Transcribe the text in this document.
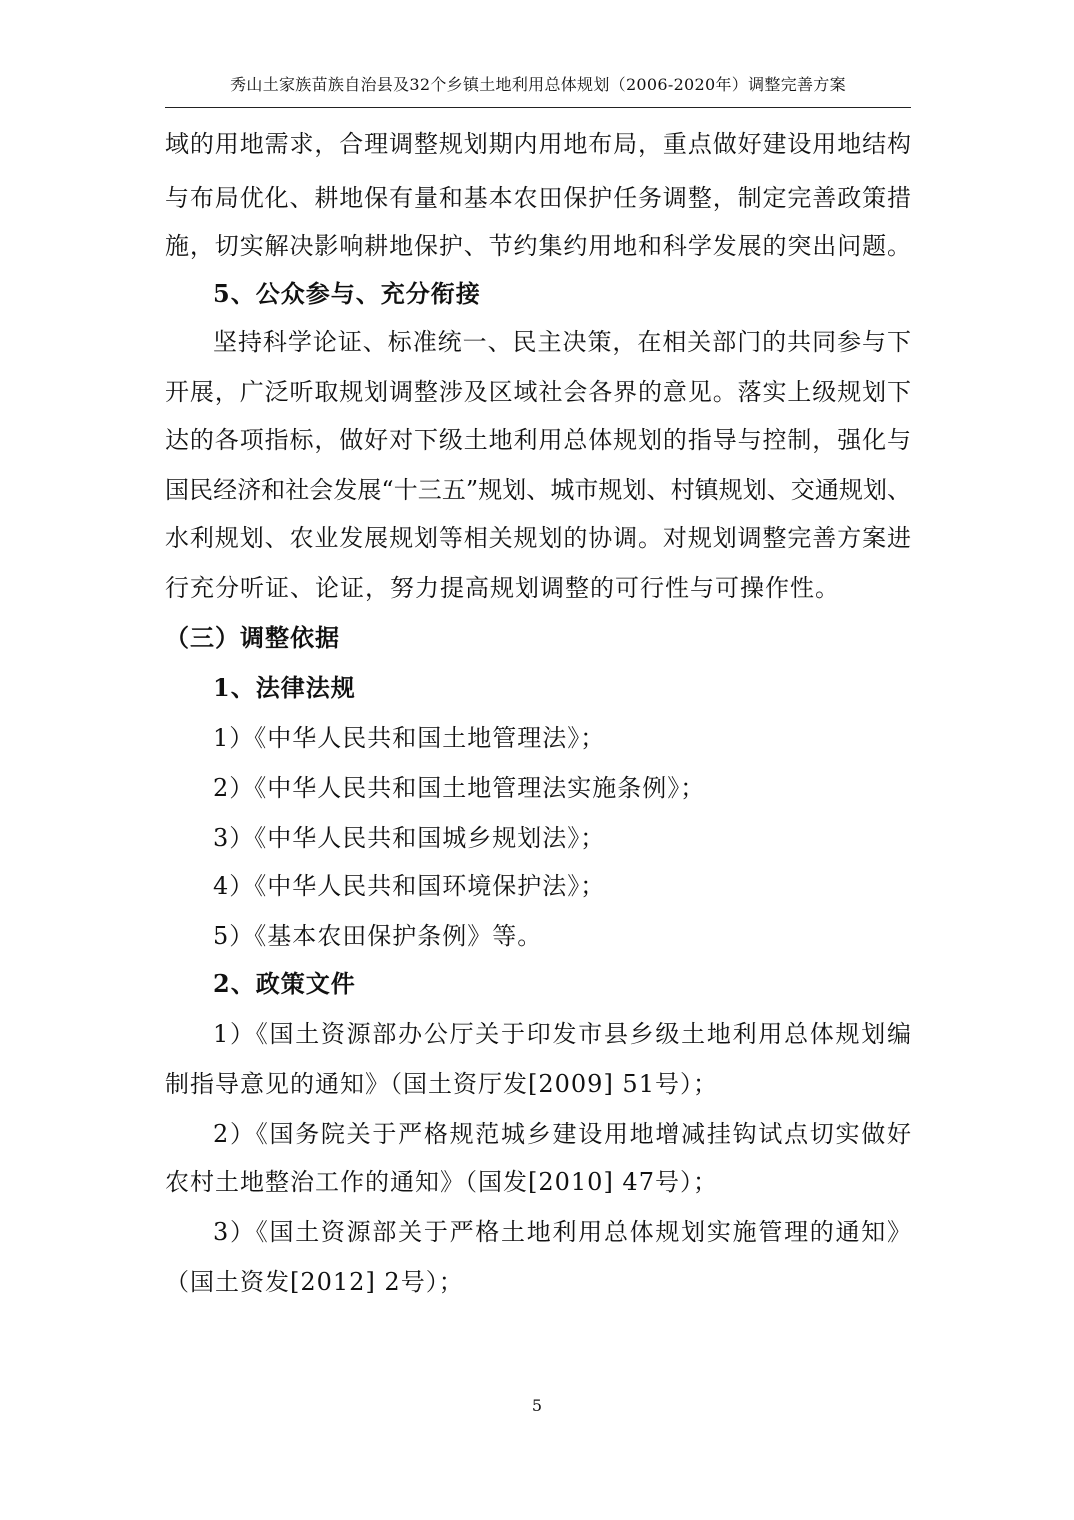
秀山土家族苗族自治县及32个乡镇土地利用总体规划（2006-2020年）调整完善方案
域的用地需求，合理调整规划期内用地布局，重点做好建设用地结构
与布局优化、耕地保有量和基本农田保护任务调整，制定完善政策措
施，切实解决影响耕地保护、节约集约用地和科学发展的突出问题。
5、公众参与、充分衔接
坚持科学论证、标准统一、民主决策，在相关部门的共同参与下
开展，广泛听取规划调整涉及区域社会各界的意见。落实上级规划下
达的各项指标，做好对下级土地利用总体规划的指导与控制，强化与
国民经济和社会发展“十三五”规划、城市规划、村镇规划、交通规划、
水利规划、农业发展规划等相关规划的协调。对规划调整完善方案进
行充分听证、论证，努力提高规划调整的可行性与可操作性。
（三）调整依据
1、法律法规
1）《中华人民共和国土地管理法》；
2）《中华人民共和国土地管理法实施条例》；
3）《中华人民共和国城乡规划法》；
4）《中华人民共和国环境保护法》；
5）《基本农田保护条例》等。
2、政策文件
1）《国土资源部办公厅关于印发市县乡级土地利用总体规划编
制指导意见的通知》（国土资厅发[2009] 51号）；
2）《国务院关于严格规范城乡建设用地增减挂钩试点切实做好
农村土地整治工作的通知》（国发[2010] 47号）；
3）《国土资源部关于严格土地利用总体规划实施管理的通知》
（国土资发[2012] 2号）；
5
